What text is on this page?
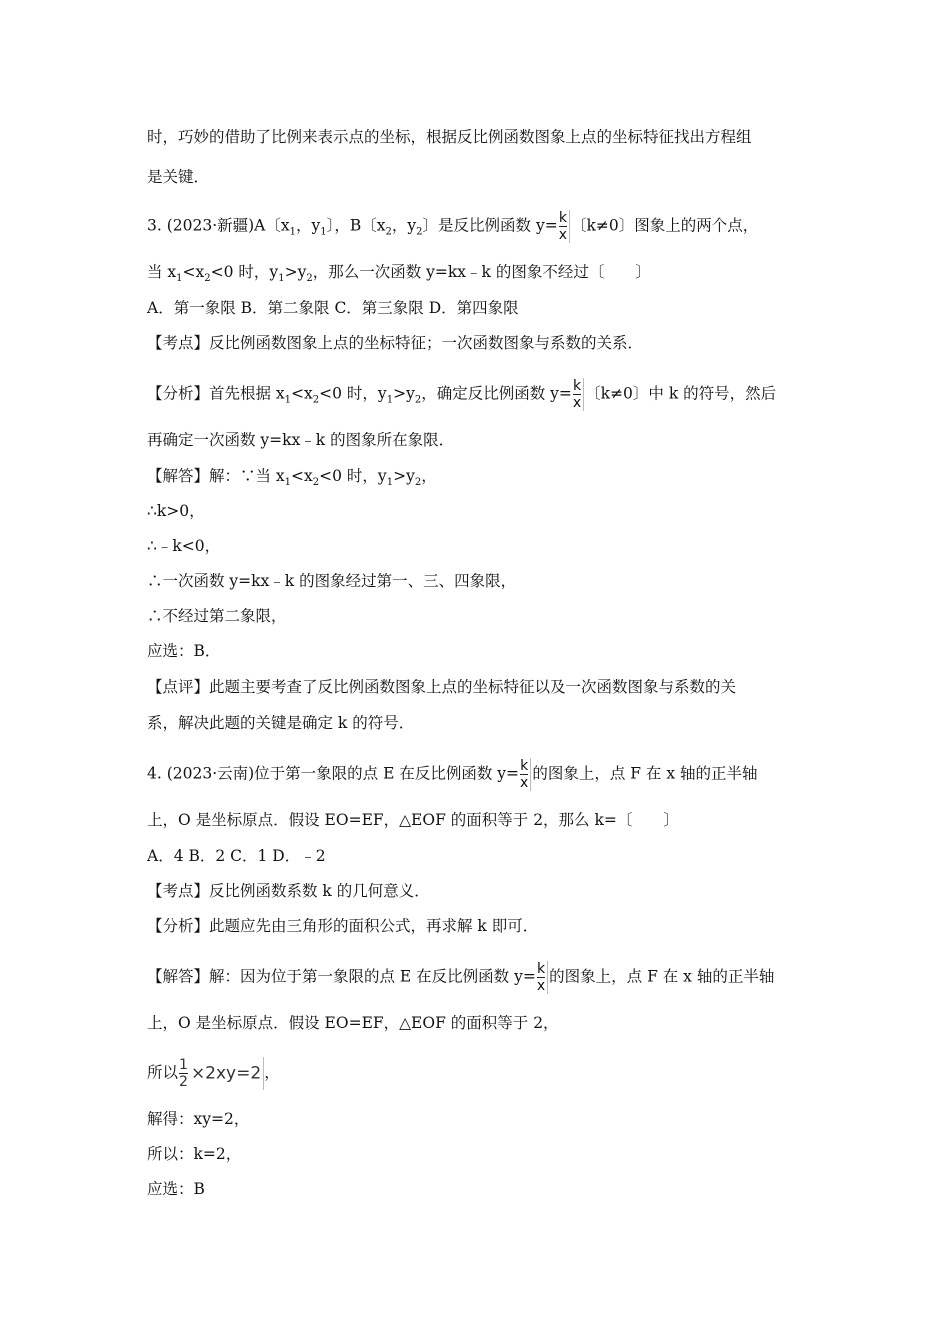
时，巧妙的借助了比例来表示点的坐标，根据反比例函数图象上点的坐标特征找出方程组
是关键．
3. (2023·新疆)A〔$x_1$，$y_1$〕，B〔$x_2$，$y_2$〕是反比例函数 $y= \frac{k}{x}$ 〔k≠0〕图象上的两个点，
当 $x_1<x_2<0$ 时，$y_1>y_2$，那么一次函数 y=kx﹣k 的图象不经过〔　　〕
A．第一象限 B．第二象限 C．第三象限 D．第四象限
【考点】反比例函数图象上点的坐标特征；一次函数图象与系数的关系．
【分析】首先根据 $x_1<x_2<0$ 时，$y_1>y_2$，确定反比例函数 $y= \frac{k}{x}$ 〔k≠0〕中 k 的符号，然后
再确定一次函数 y=kx﹣k 的图象所在象限．
【解答】解：∵当 $x_1<x_2<0$ 时，$y_1>y_2$，
∴k>0，
∴﹣k<0，
∴一次函数 y=kx﹣k 的图象经过第一、三、四象限，
∴不经过第二象限，
应选：B．
【点评】此题主要考查了反比例函数图象上点的坐标特征以及一次函数图象与系数的关
系，解决此题的关键是确定 k 的符号．
4. (2023·云南)位于第一象限的点 E 在反比例函数 $y= \frac{k}{x}$ 的图象上，点 F 在 x 轴的正半轴
上，O 是坐标原点．假设 EO=EF，△EOF 的面积等于 2，那么 k=〔　　〕
A．4 B．2 C．1 D．﹣2
【考点】反比例函数系数 k 的几何意义．
【分析】此题应先由三角形的面积公式，再求解 k 即可．
【解答】解：因为位于第一象限的点 E 在反比例函数 $y= \frac{k}{x}$ 的图象上，点 F 在 x 轴的正半轴
上，O 是坐标原点．假设 EO=EF，△EOF 的面积等于 2，
所以 $\frac{1}{2} \times 2xy=2$ ，
解得：xy=2，
所以：k=2，
应选：B
